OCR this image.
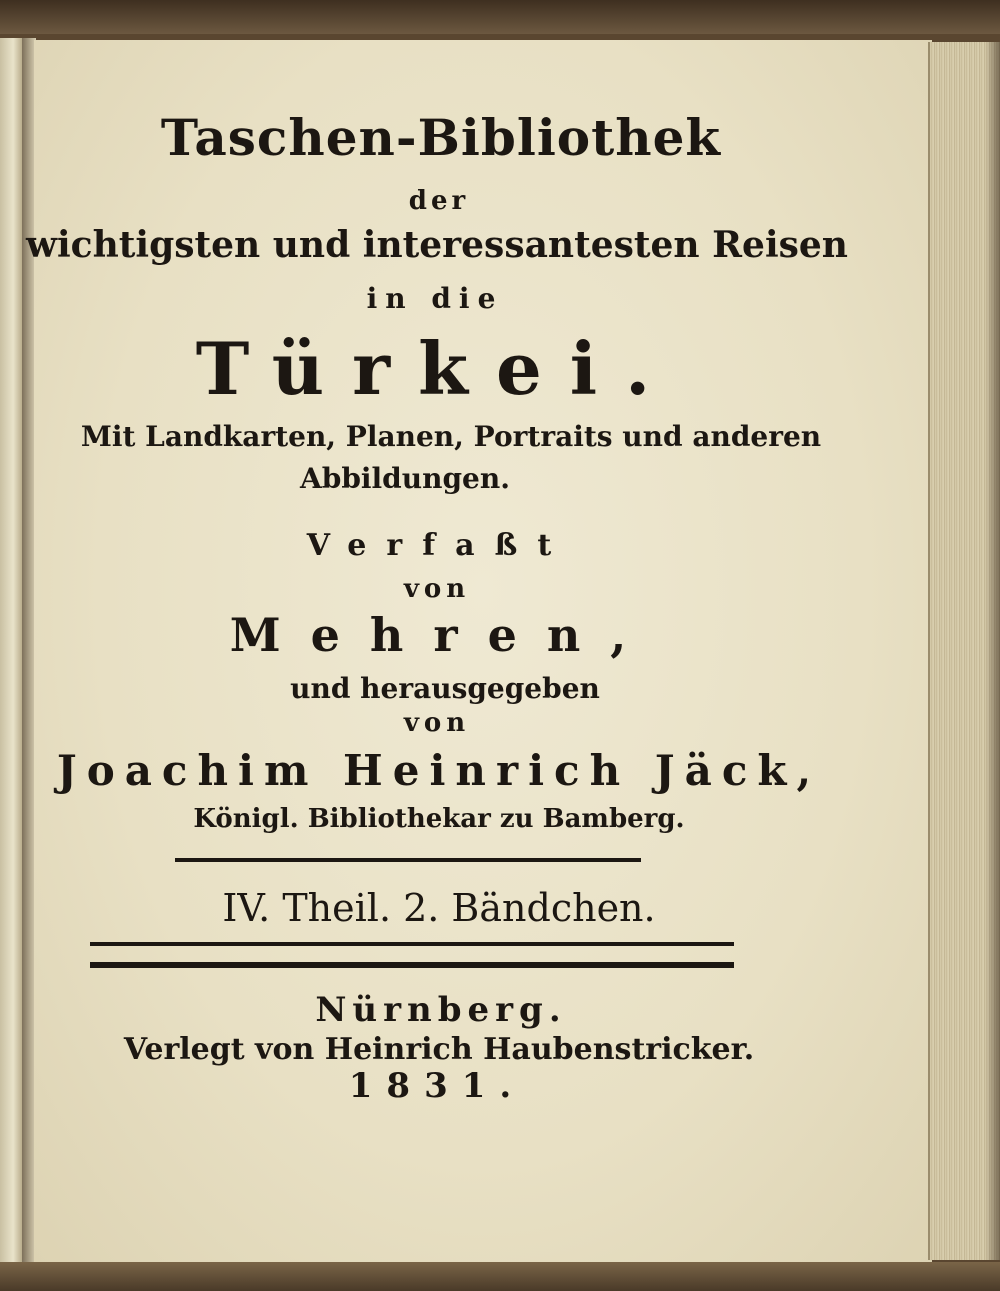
Taschen-Bibliothek
der
wichtigsten und interessantesten Reisen
in die
Türkei.
Mit Landkarten, Planen, Portraits und anderen
Abbildungen.
Verfaßt
von
Mehren,
und herausgegeben
von
Joachim Heinrich Jäck,
Königl. Bibliothekar zu Bamberg.
IV. Theil. 2. Bändchen.
Nürnberg.
Verlegt von Heinrich Haubenstricker.
1831.
